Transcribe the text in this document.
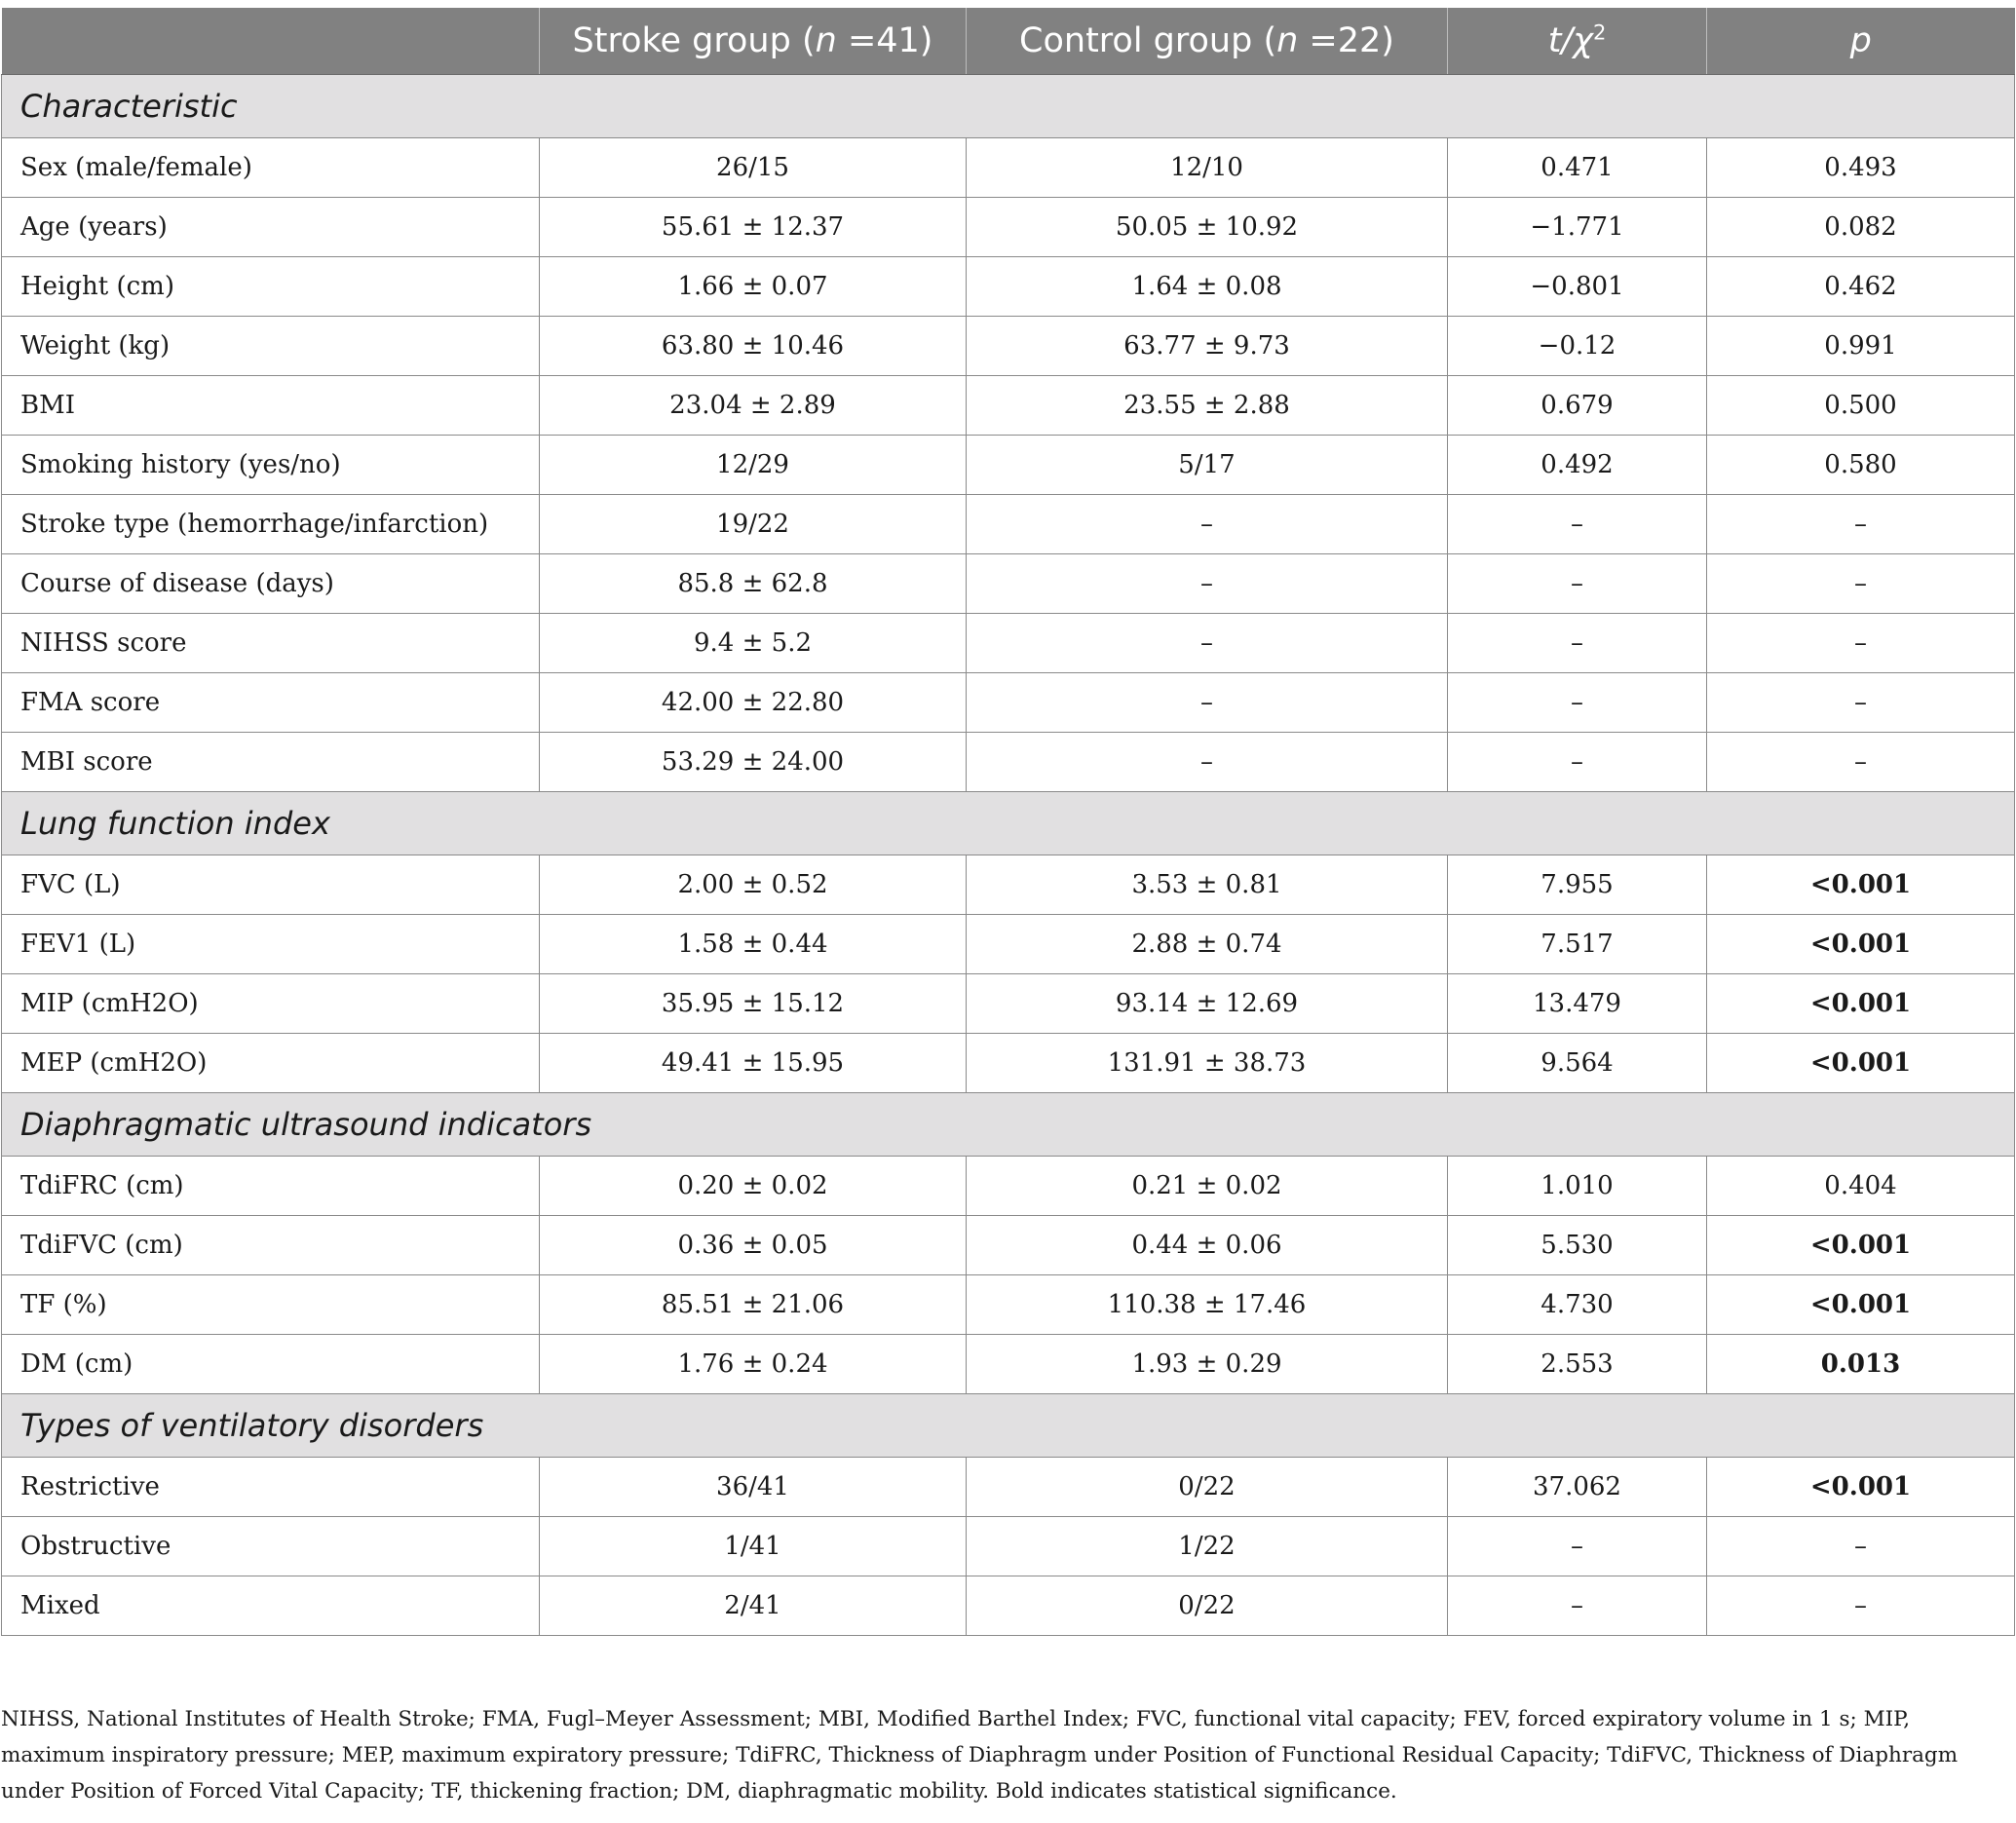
	Stroke group (n =41)	Control group (n =22)	$t/\chi^2$	p
Characteristic				
Sex (male/female)	26/15	12/10	0.471	0.493
Age (years)	55.61 ± 12.37	50.05 ± 10.92	−1.771	0.082
Height (cm)	1.66 ± 0.07	1.64 ± 0.08	−0.801	0.462
Weight (kg)	63.80 ± 10.46	63.77 ± 9.73	−0.12	0.991
BMI	23.04 ± 2.89	23.55 ± 2.88	0.679	0.500
Smoking history (yes/no)	12/29	5/17	0.492	0.580
Stroke type (hemorrhage/infarction)	19/22	–	–	–
Course of disease (days)	85.8 ± 62.8	–	–	–
NIHSS score	9.4 ± 5.2	–	–	–
FMA score	42.00 ± 22.80	–	–	–
MBI score	53.29 ± 24.00	–	–	–
Lung function index				
FVC (L)	2.00 ± 0.52	3.53 ± 0.81	7.955	<0.001
FEV1 (L)	1.58 ± 0.44	2.88 ± 0.74	7.517	<0.001
MIP (cmH2O)	35.95 ± 15.12	93.14 ± 12.69	13.479	<0.001
MEP (cmH2O)	49.41 ± 15.95	131.91 ± 38.73	9.564	<0.001
Diaphragmatic ultrasound indicators				
TdiFRC (cm)	0.20 ± 0.02	0.21 ± 0.02	1.010	0.404
TdiFVC (cm)	0.36 ± 0.05	0.44 ± 0.06	5.530	<0.001
TF (%)	85.51 ± 21.06	110.38 ± 17.46	4.730	<0.001
DM (cm)	1.76 ± 0.24	1.93 ± 0.29	2.553	0.013
Types of ventilatory disorders				
Restrictive	36/41	0/22	37.062	<0.001
Obstructive	1/41	1/22	–	–
Mixed	2/41	0/22	–	–
NIHSS, National Institutes of Health Stroke; FMA, Fugl–Meyer Assessment; MBI, Modified Barthel Index; FVC, functional vital capacity; FEV, forced expiratory volume in 1 s; MIP, maximum inspiratory pressure; MEP, maximum expiratory pressure; TdiFRC, Thickness of Diaphragm under Position of Functional Residual Capacity; TdiFVC, Thickness of Diaphragm under Position of Forced Vital Capacity; TF, thickening fraction; DM, diaphragmatic mobility. Bold indicates statistical significance.
